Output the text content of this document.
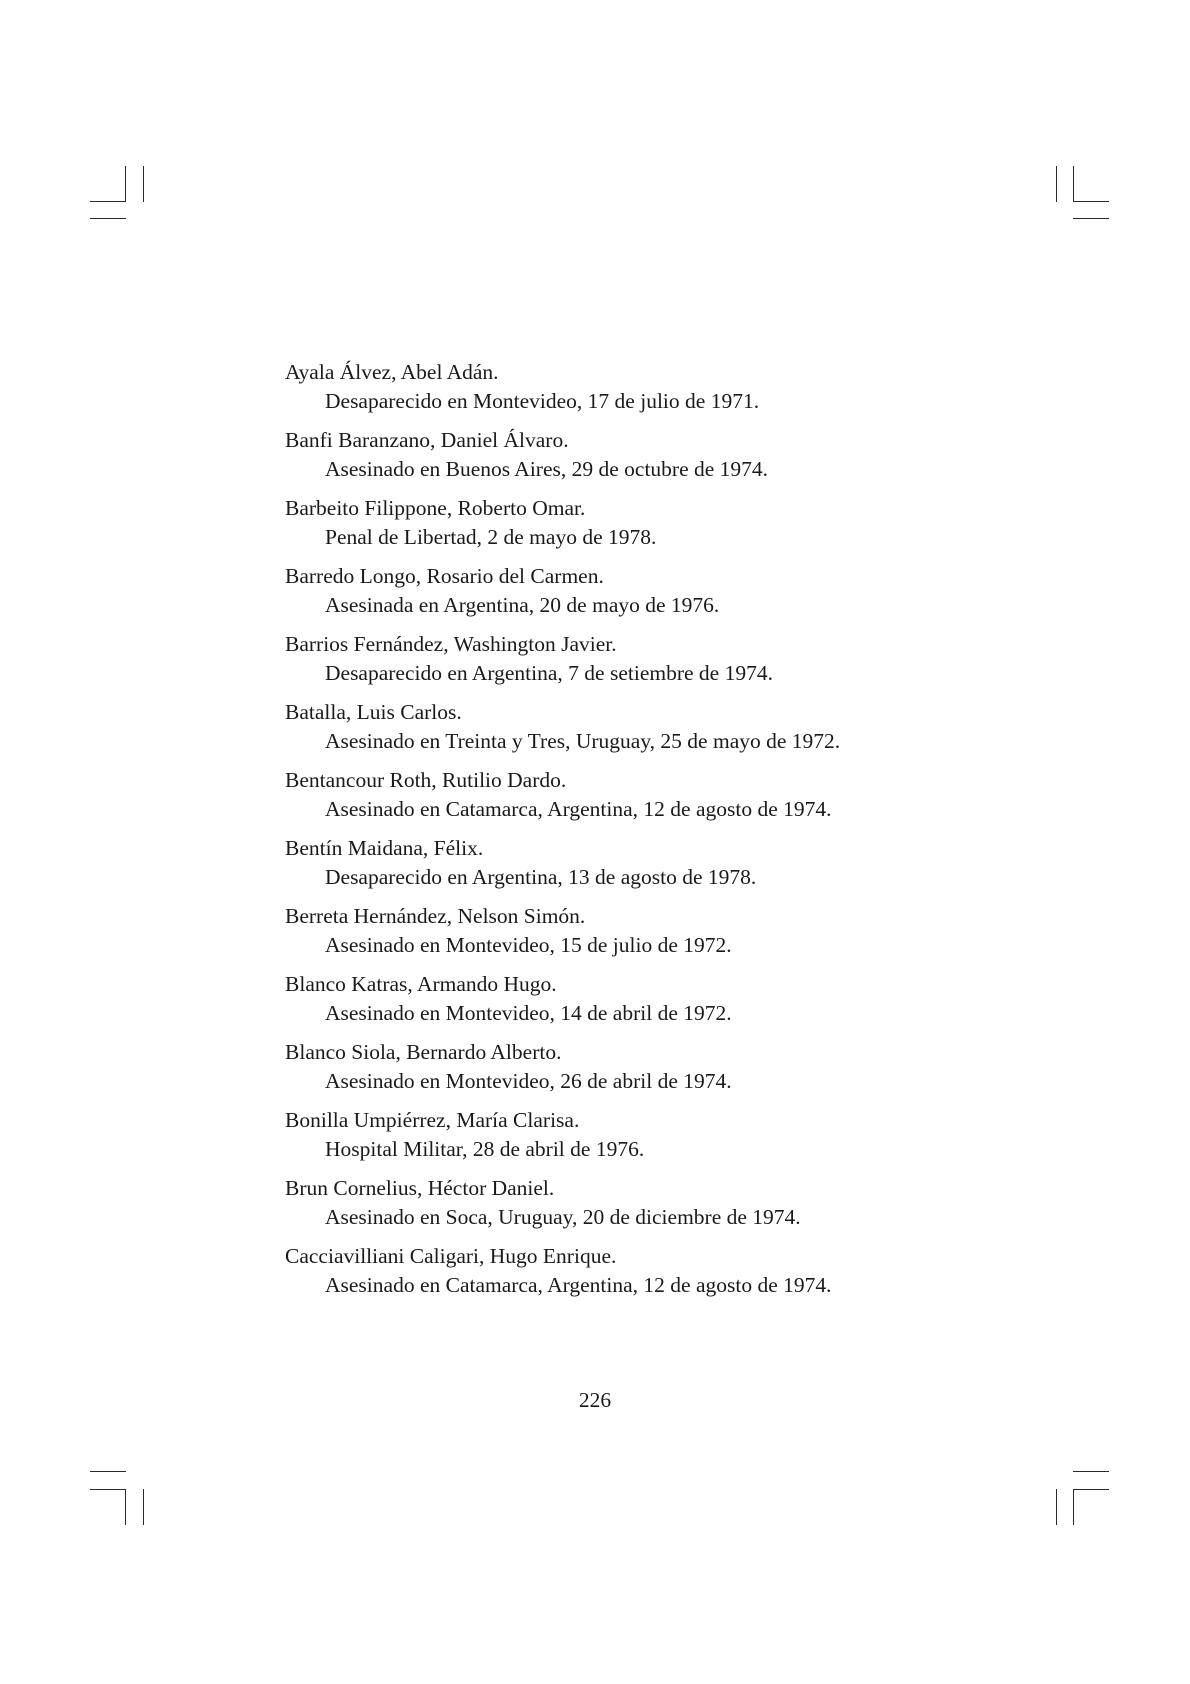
Ayala Álvez, Abel Adán.
Desaparecido en Montevideo, 17 de julio de 1971.
Banfi Baranzano, Daniel Álvaro.
Asesinado en Buenos Aires, 29 de octubre de 1974.
Barbeito Filippone, Roberto Omar.
Penal de Libertad, 2 de mayo de 1978.
Barredo Longo, Rosario del Carmen.
Asesinada en Argentina, 20 de mayo de 1976.
Barrios Fernández, Washington Javier.
Desaparecido en Argentina, 7 de setiembre de 1974.
Batalla, Luis Carlos.
Asesinado en Treinta y Tres, Uruguay, 25 de mayo de 1972.
Bentancour Roth, Rutilio Dardo.
Asesinado en Catamarca, Argentina, 12 de agosto de 1974.
Bentín Maidana, Félix.
Desaparecido en Argentina, 13 de agosto de 1978.
Berreta Hernández, Nelson Simón.
Asesinado en Montevideo, 15 de julio de 1972.
Blanco Katras, Armando Hugo.
Asesinado en Montevideo, 14 de abril de 1972.
Blanco Siola, Bernardo Alberto.
Asesinado en Montevideo, 26 de abril de 1974.
Bonilla Umpiérrez, María Clarisa.
Hospital Militar, 28 de abril de 1976.
Brun Cornelius, Héctor Daniel.
Asesinado en Soca, Uruguay, 20 de diciembre de 1974.
Cacciavilliani Caligari, Hugo Enrique.
Asesinado en Catamarca, Argentina, 12 de agosto de 1974.
226
